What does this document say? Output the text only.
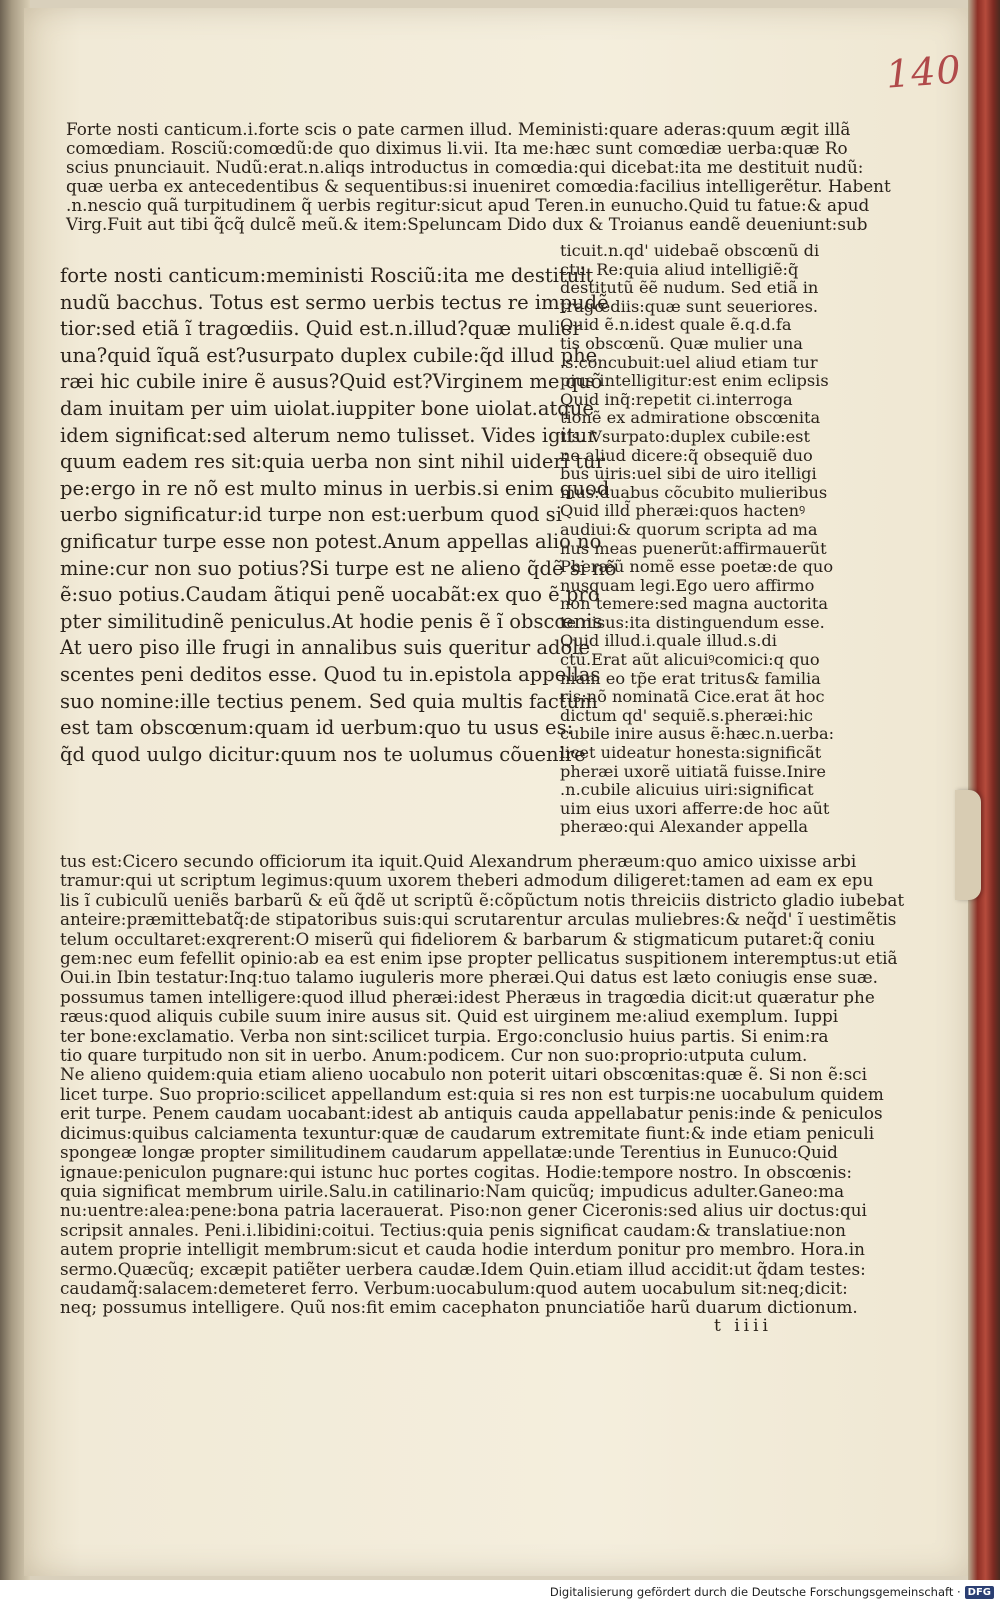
140
Forte nosti canticum.i.forte scis o pate carmen illud. Meministi:quare aderas:quum ægit illã
comœdiam. Rosciũ:comœdũ:de quo diximus li.vii. Ita me:hæc sunt comœdiæ uerba:quæ Ro
scius pnunciauit. Nudũ:erat.n.aliqs introductus in comœdia:qui dicebat:ita me destituit nudũ:
quæ uerba ex antecedentibus & sequentibus:si inueniret comœdia:facilius intelligerẽtur. Habent
.n.nescio quã turpitudinem q̃ uerbis regitur:sicut apud Teren.in eunucho.Quid tu fatue:& apud
Virg.Fuit aut tibi q̃cq̃ dulcẽ meũ.& item:Speluncam Dido dux & Troianus eandẽ deueniunt:sub
forte nosti canticum:meministi Rosciũ:ita me destituit
nudũ bacchus. Totus est sermo uerbis tectus re impudẽ
tior:sed etiã ĩ tragœdiis. Quid est.n.illud?quæ mulier
una?quid ĩquã est?usurpato duplex cubile:q̃d illud phe
ræi hic cubile inire ẽ ausus?Quid est?Virginem me quõ
dam inuitam per uim uiolat.iuppiter bone uiolat.atque
idem significat:sed alterum nemo tulisset. Vides igitur
quum eadem res sit:quia uerba non sint nihil uideri tur
pe:ergo in re nõ est multo minus in uerbis.si enim quod
uerbo significatur:id turpe non est:uerbum quod si
gnificatur turpe esse non potest.Anum appellas alio no
mine:cur non suo potius?Si turpe est ne alieno q̃dẽ si nõ
ẽ:suo potius.Caudam ãtiqui penẽ uocabãt:ex quo ẽ pro
pter similitudinẽ peniculus.At hodie penis ẽ ĩ obscœnis
At uero piso ille frugi in annalibus suis queritur adole
scentes peni deditos esse. Quod tu in.epistola appellas
suo nomine:ille tectius penem. Sed quia multis factum
est tam obscœnum:quam id uerbum:quo tu usus es:
q̃d quod uulgo dicitur:quum nos te uolumus cõuenire
ticuit.n.qd' uidebaẽ obscœnũ di
ctu. Re:quia aliud intelligiẽ:q̃
destitutũ ẽẽ nudum. Sed etiã in
tragœdiis:quæ sunt seueriores.
Quid ẽ.n.idest quale ẽ.q.d.fa
tis obscœnũ. Quæ mulier una
.s.concubuit:uel aliud etiam tur
pius intelligitur:est enim eclipsis
Quid inq̃:repetit ci.interroga
tionẽ ex admiratione obscœnita
tis. Vsurpato:duplex cubile:est
ne aliud dicere:q̃ obsequiẽ duo
bus uiris:uel sibi de uiro itelligi
mus:duabus cõcubito mulieribus
Quid illd̃ pheræi:quos hactenꝰ
audiui:& quorum scripta ad ma
nus meas puenerũt:affirmauerũt
Pheræũ nomẽ esse poetæ:de quo
nusquam legi.Ego uero affirmo
non temere:sed magna auctorita
te nisus:ita distinguendum esse.
Quid illud.i.quale illud.s.di
ctũ.Erat aũt alicuiꝰcomici:q quo
niam eo tp̃e erat tritus& familia
ris:nõ nominatã Cice.erat ãt hoc
dictum qd' sequiẽ.s.pheræi:hic
cubile inire ausus ẽ:hæc.n.uerba:
licet uideatur honesta:significãt
pheræi uxorẽ uitiatã fuisse.Inire
.n.cubile alicuius uiri:significat
uim eius uxori afferre:de hoc aũt
pheræo:qui Alexander appella
tus est:Cicero secundo officiorum ita iquit.Quid Alexandrum pheræum:quo amico uixisse arbi
tramur:qui ut scriptum legimus:quum uxorem theberi admodum diligeret:tamen ad eam ex epu
lis ĩ cubiculũ ueniẽs barbarũ & eũ q̃dẽ ut scriptũ ẽ:cõpũctum notis threiciis districto gladio iubebat
anteire:præmittebatq̃:de stipatoribus suis:qui scrutarentur arculas muliebres:& neq̃d' ĩ uestimẽtis
telum occultaret:exqrerent:O miserũ qui fideliorem & barbarum & stigmaticum putaret:q̃ coniu
gem:nec eum fefellit opinio:ab ea est enim ipse propter pellicatus suspitionem interemptus:ut etiã
Oui.in Ibin testatur:Inq:tuo talamo iuguleris more pheræi.Qui datus est læto coniugis ense suæ.
possumus tamen intelligere:quod illud pheræi:idest Pheræus in tragœdia dicit:ut quæratur phe
ræus:quod aliquis cubile suum inire ausus sit. Quid est uirginem me:aliud exemplum. Iuppi
ter bone:exclamatio. Verba non sint:scilicet turpia. Ergo:conclusio huius partis. Si enim:ra
tio quare turpitudo non sit in uerbo. Anum:podicem. Cur non suo:proprio:utputa culum.
Ne alieno quidem:quia etiam alieno uocabulo non poterit uitari obscœnitas:quæ ẽ. Si non ẽ:sci
licet turpe. Suo proprio:scilicet appellandum est:quia si res non est turpis:ne uocabulum quidem
erit turpe. Penem caudam uocabant:idest ab antiquis cauda appellabatur penis:inde & peniculos
dicimus:quibus calciamenta texuntur:quæ de caudarum extremitate fiunt:& inde etiam peniculi
spongeæ longæ propter similitudinem caudarum appellatæ:unde Terentius in Eunuco:Quid
ignaue:peniculon pugnare:qui istunc huc portes cogitas. Hodie:tempore nostro. In obscœnis:
quia significat membrum uirile.Salu.in catilinario:Nam quicũq; impudicus adulter.Ganeo:ma
nu:uentre:alea:pene:bona patria lacerauerat. Piso:non gener Ciceronis:sed alius uir doctus:qui
scripsit annales. Peni.i.libidini:coitui. Tectius:quia penis significat caudam:& translatiue:non
autem proprie intelligit membrum:sicut et cauda hodie interdum ponitur pro membro. Hora.in
sermo.Quæcũq; excæpit patiẽter uerbera caudæ.Idem Quin.etiam illud accidit:ut q̃dam testes:
caudamq̃:salacem:demeteret ferro. Verbum:uocabulum:quod autem uocabulum sit:neq;dicit:
neq; possumus intelligere. Quũ nos:fit emim cacephaton pnunciatiõe harũ duarum dictionum.
t iiii
Digitalisierung gefördert durch die Deutsche Forschungsgemeinschaft · DFG
